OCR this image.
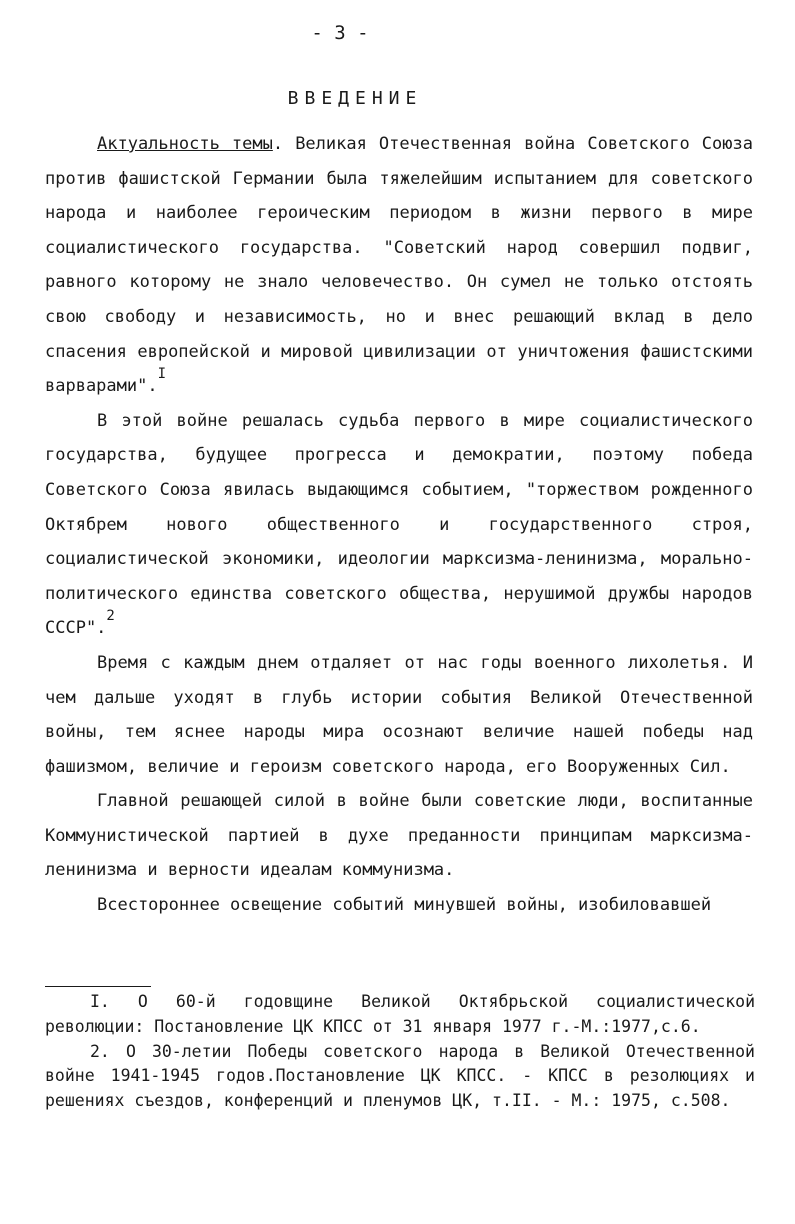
- 3 -
ВВЕДЕНИЕ

Актуальность темы. Великая Отечественная война Советского Союза против фашистской Германии была тяжелейшим испытанием для советского народа и наиболее героическим периодом в жизни первого в мире социалистического государства. "Советский народ совершил подвиг, равного которому не знало человечество. Он сумел не только отстоять свою свободу и независимость, но и внес решающий вклад в дело спасения европейской и мировой цивилизации от уничтожения фашистскими варварами".$^I$

В этой войне решалась судьба первого в мире социалистического государства, будущее прогресса и демократии, поэтому победа Советского Союза явилась выдающимся событием, "торжеством рожденного Октябрем нового общественного и государственного строя, социалистической экономики, идеологии марксизма-ленинизма, морально-политического единства советского общества, нерушимой дружбы народов СССР".$^2$

Время с каждым днем отдаляет от нас годы военного лихолетья. И чем дальше уходят в глубь истории события Великой Отечественной войны, тем яснее народы мира осознают величие нашей победы над фашизмом, величие и героизм советского народа, его Вооруженных Сил.

Главной решающей силой в войне были советские люди, воспитанные Коммунистической партией в духе преданности принципам марксизма-ленинизма и верности идеалам коммунизма.

Всестороннее освещение событий минувшей войны, изобиловавшей

I. О 60-й годовщине Великой Октябрьской социалистической революции: Постановление ЦК КПСС от 31 января 1977 г.-М.:1977,с.6.

2. О 30-летии Победы советского народа в Великой Отечественной войне 1941-1945 годов.Постановление ЦК КПСС. - КПСС в резолюциях и решениях съездов, конференций и пленумов ЦК, т.II. - М.: 1975, с.508.
